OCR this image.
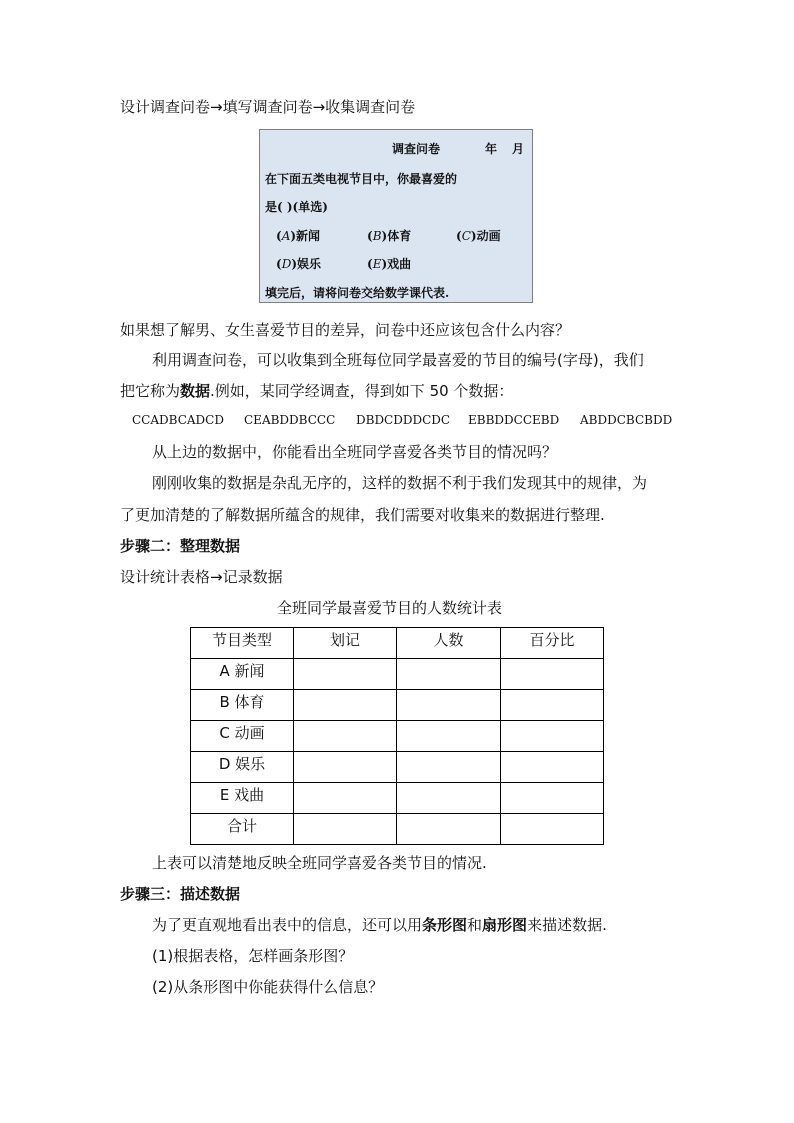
设计调查问卷→填写调查问卷→收集调查问卷
调查问卷	年 月
在下面五类电视节目中，你最喜爱的
是( )(单选)
(A)新闻	(B)体育	(C)动画
(D)娱乐	(E)戏曲
填完后，请将问卷交给数学课代表.
如果想了解男、女生喜爱节目的差异，问卷中还应该包含什么内容？
利用调查问卷，可以收集到全班每位同学最喜爱的节目的编号(字母)，我们
把它称为数据.例如，某同学经调查，得到如下 50 个数据：
CCADBCADCD CEABDDBCCC DBDCDDDCDC EBBDDCCEBD ABDDCBCBDD
从上边的数据中，你能看出全班同学喜爱各类节目的情况吗？
刚刚收集的数据是杂乱无序的，这样的数据不利于我们发现其中的规律，为
了更加清楚的了解数据所蕴含的规律，我们需要对收集来的数据进行整理.
步骤二：整理数据
设计统计表格→记录数据
全班同学最喜爱节目的人数统计表
节目类型	划记	人数	百分比
A 新闻			
B 体育			
C 动画			
D 娱乐			
E 戏曲			
合计			
上表可以清楚地反映全班同学喜爱各类节目的情况.
步骤三：描述数据
为了更直观地看出表中的信息，还可以用条形图和扇形图来描述数据.
(1)根据表格，怎样画条形图？
(2)从条形图中你能获得什么信息？
